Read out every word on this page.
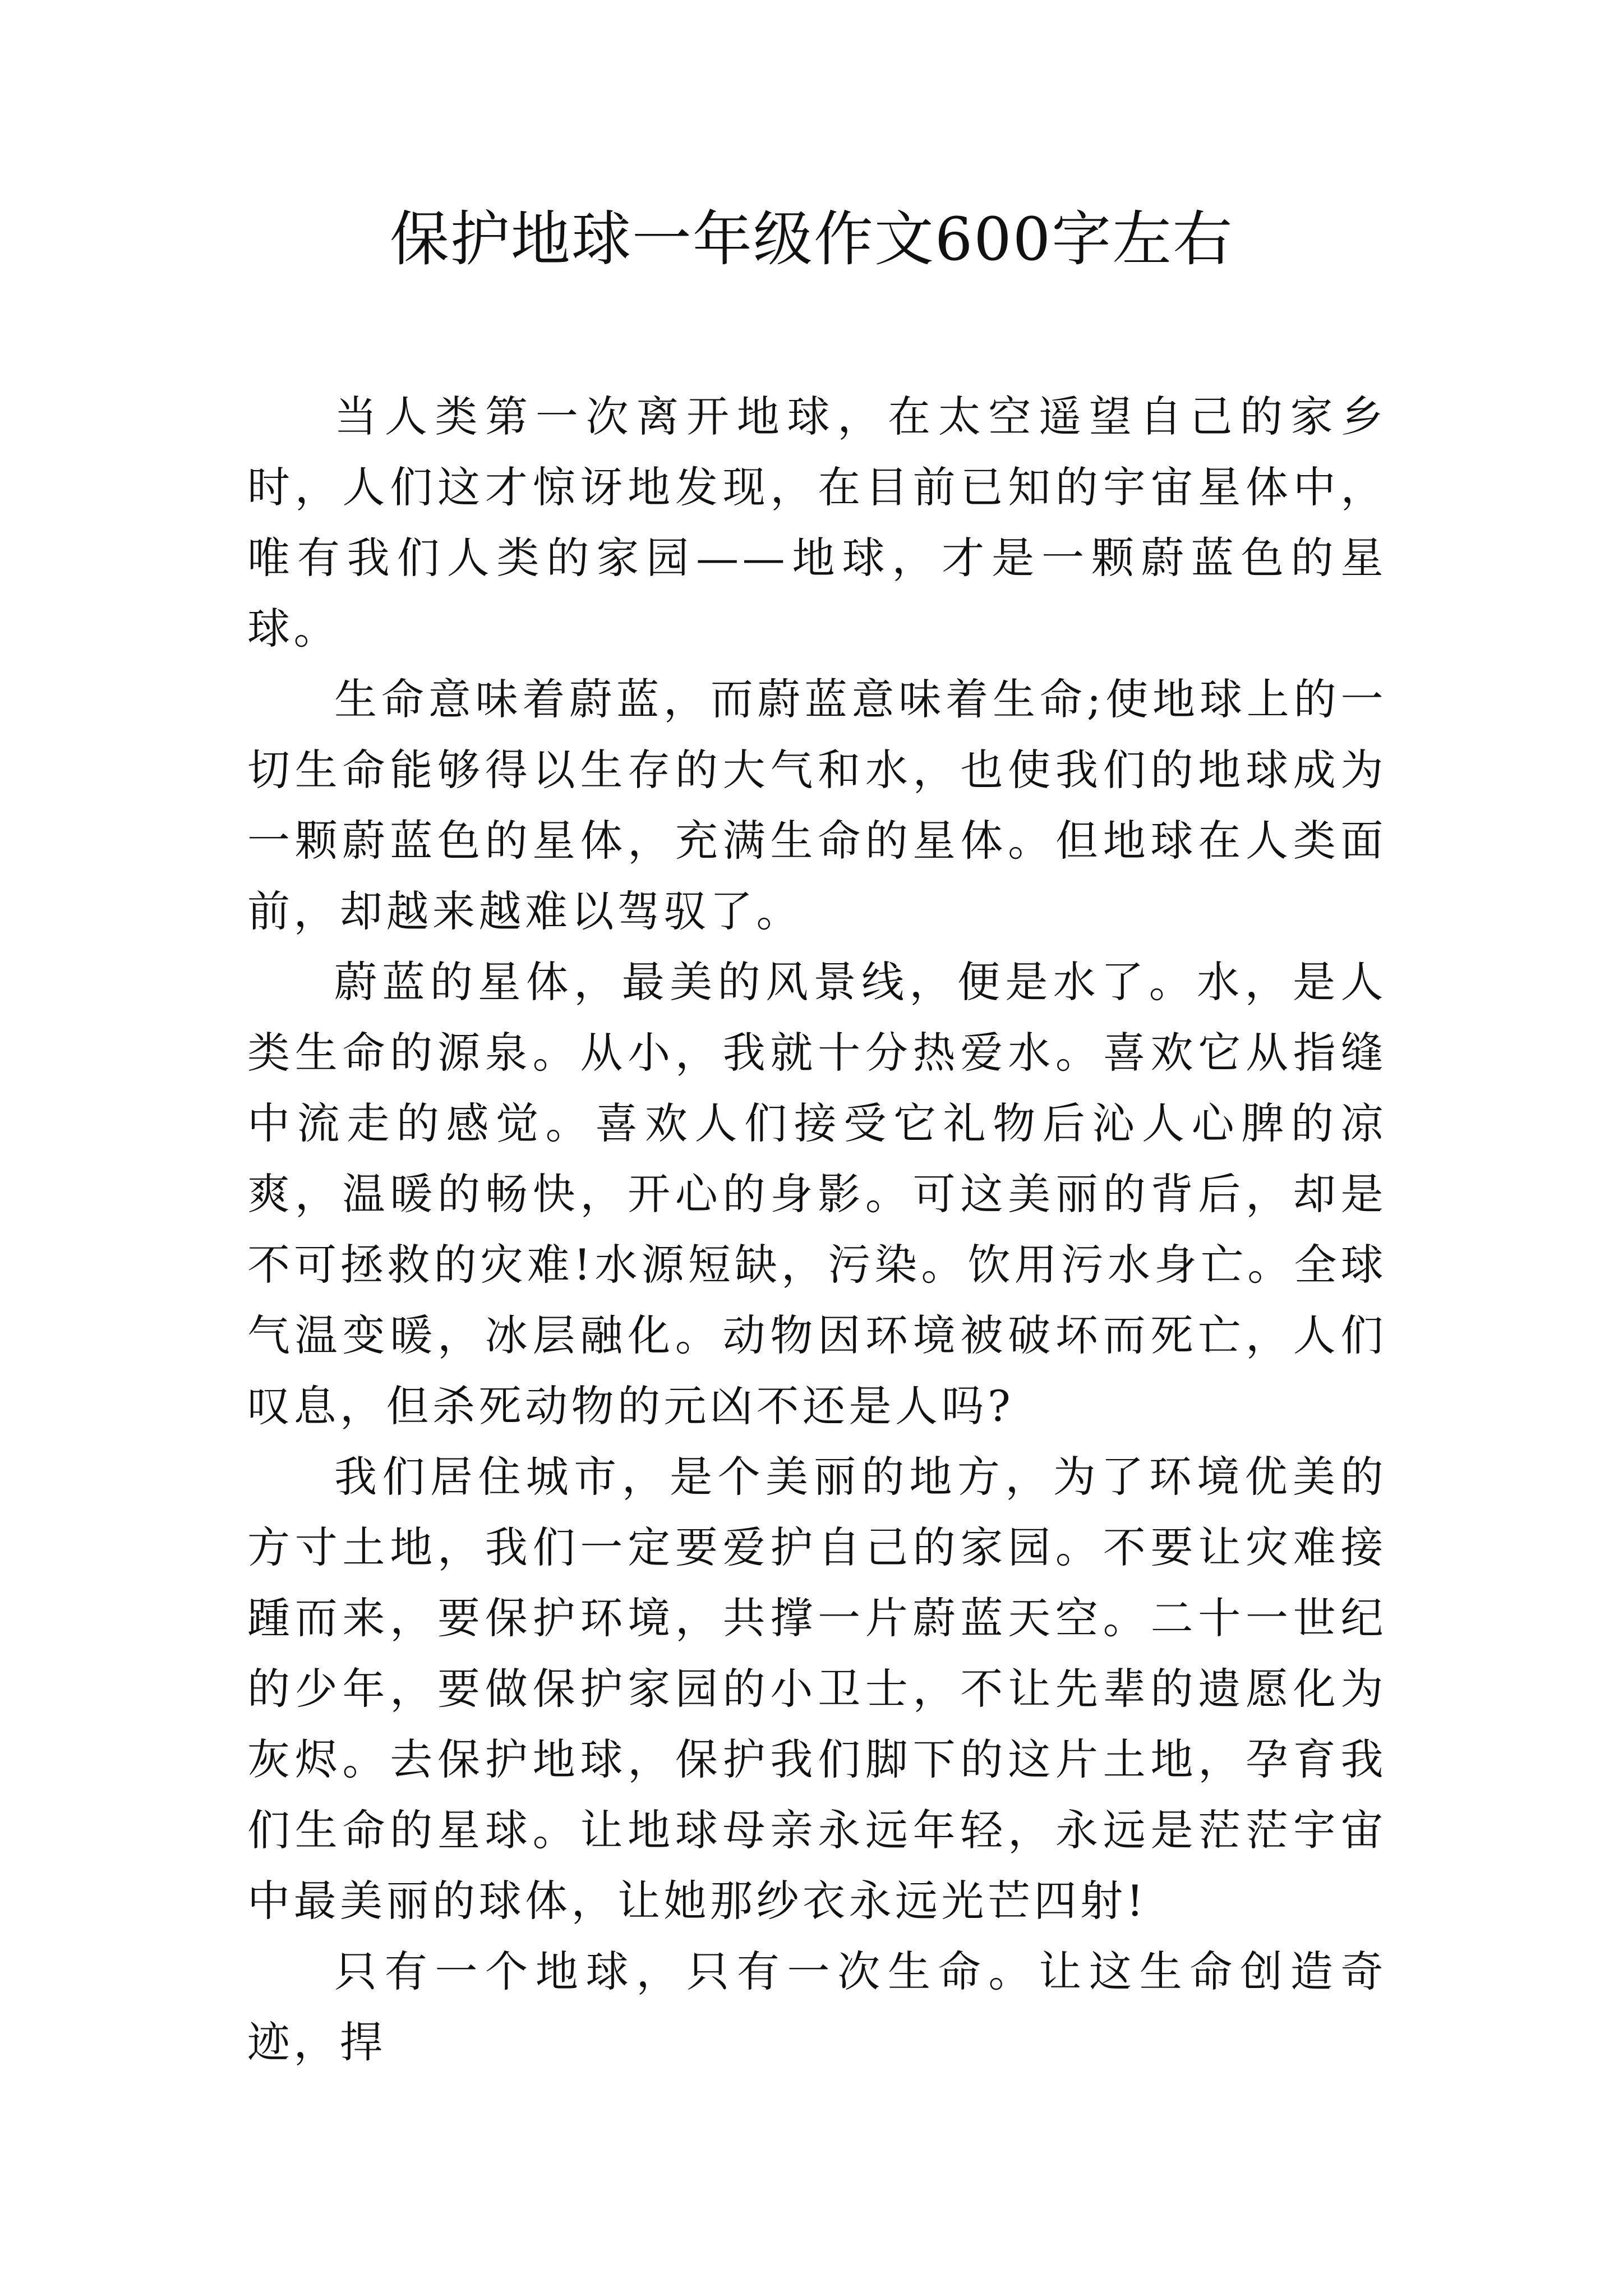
保护地球一年级作文600字左右

当人类第一次离开地球，在太空遥望自己的家乡时，人们这才惊讶地发现，在目前已知的宇宙星体中，唯有我们人类的家园——地球，才是一颗蔚蓝色的星球。

生命意味着蔚蓝，而蔚蓝意味着生命;使地球上的一切生命能够得以生存的大气和水，也使我们的地球成为一颗蔚蓝色的星体，充满生命的星体。但地球在人类面前，却越来越难以驾驭了。

蔚蓝的星体，最美的风景线，便是水了。水，是人类生命的源泉。从小，我就十分热爱水。喜欢它从指缝中流走的感觉。喜欢人们接受它礼物后沁人心脾的凉爽，温暖的畅快，开心的身影。可这美丽的背后，却是不可拯救的灾难!水源短缺，污染。饮用污水身亡。全球气温变暖，冰层融化。动物因环境被破坏而死亡，人们叹息，但杀死动物的元凶不还是人吗?

我们居住城市，是个美丽的地方，为了环境优美的方寸土地，我们一定要爱护自己的家园。不要让灾难接踵而来，要保护环境，共撑一片蔚蓝天空。二十一世纪的少年，要做保护家园的小卫士，不让先辈的遗愿化为灰烬。去保护地球，保护我们脚下的这片土地，孕育我们生命的星球。让地球母亲永远年轻，永远是茫茫宇宙中最美丽的球体，让她那纱衣永远光芒四射!

只有一个地球，只有一次生命。让这生命创造奇迹，捍
